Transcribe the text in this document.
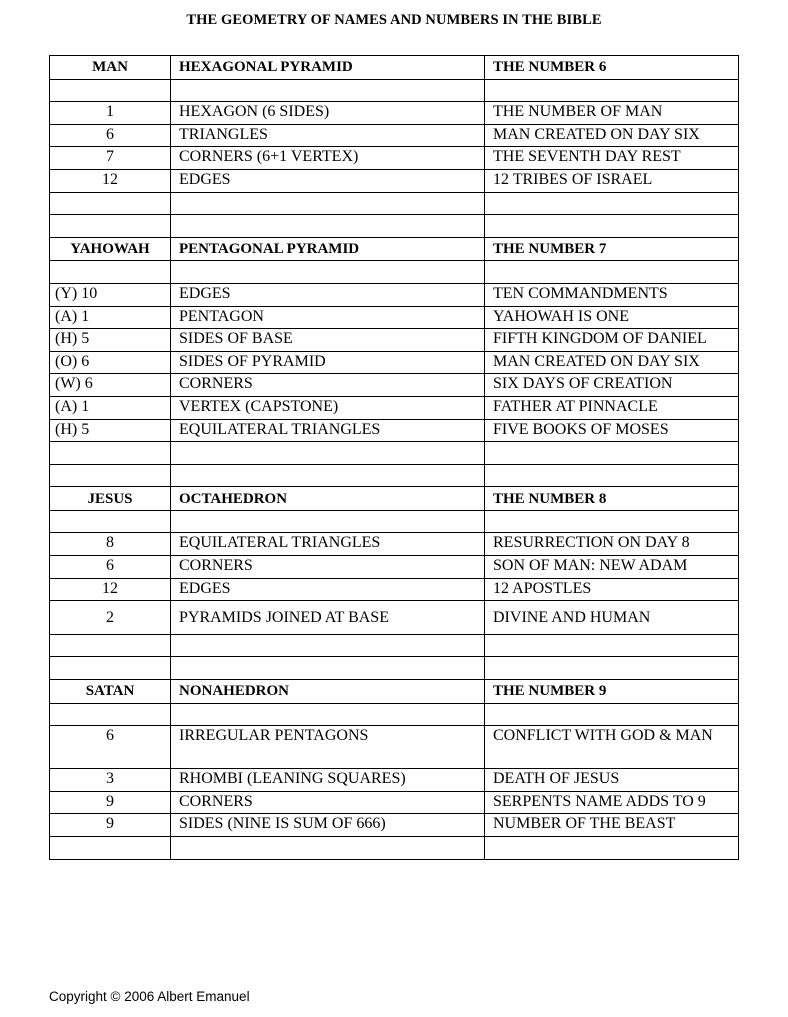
THE GEOMETRY OF NAMES AND NUMBERS IN THE BIBLE
MAN	HEXAGONAL PYRAMID	THE NUMBER 6

1	HEXAGON (6 SIDES)	THE NUMBER OF MAN
6	TRIANGLES	MAN CREATED ON DAY SIX
7	CORNERS (6+1 VERTEX)	THE SEVENTH DAY REST
12	EDGES	12 TRIBES OF ISRAEL

YAHOWAH	PENTAGONAL PYRAMID	THE NUMBER 7

(Y) 10	EDGES	TEN COMMANDMENTS
(A) 1	PENTAGON	YAHOWAH IS ONE
(H) 5	SIDES OF BASE	FIFTH KINGDOM OF DANIEL
(O) 6	SIDES OF PYRAMID	MAN CREATED ON DAY SIX
(W) 6	CORNERS	SIX DAYS OF CREATION
(A) 1	VERTEX (CAPSTONE)	FATHER AT PINNACLE
(H) 5	EQUILATERAL TRIANGLES	FIVE BOOKS OF MOSES

JESUS	OCTAHEDRON	THE NUMBER 8

8	EQUILATERAL TRIANGLES	RESURRECTION ON DAY 8
6	CORNERS	SON OF MAN: NEW ADAM
12	EDGES	12 APOSTLES
2	PYRAMIDS JOINED AT BASE	DIVINE AND HUMAN

SATAN	NONAHEDRON	THE NUMBER 9

6	IRREGULAR PENTAGONS	CONFLICT WITH GOD & MAN
3	RHOMBI (LEANING SQUARES)	DEATH OF JESUS
9	CORNERS	SERPENTS NAME ADDS TO 9
9	SIDES (NINE IS SUM OF 666)	NUMBER OF THE BEAST

Copyright © 2006 Albert Emanuel
